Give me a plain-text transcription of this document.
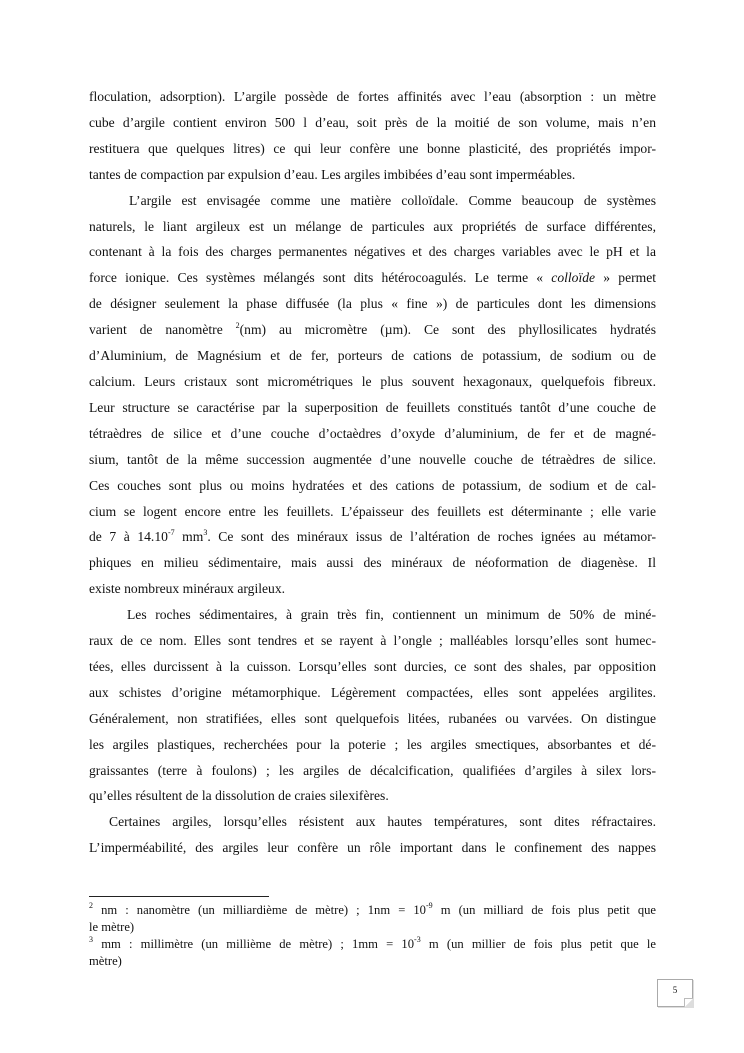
floculation, adsorption). L’argile possède de fortes affinités avec l’eau (absorption : un mètre
cube d’argile contient environ 500 l d’eau, soit près de la moitié de son volume, mais n’en
restituera que quelques litres) ce qui leur confère une bonne plasticité, des propriétés impor-
tantes de compaction par expulsion d’eau. Les argiles imbibées d’eau sont imperméables.

L’argile est envisagée comme une matière colloïdale. Comme beaucoup de systèmes
naturels, le liant argileux est un mélange de particules aux propriétés de surface différentes,
contenant à la fois des charges permanentes négatives et des charges variables avec le pH et la
force ionique. Ces systèmes mélangés sont dits hétérocoagulés. Le terme « colloïde » permet
de désigner seulement la phase diffusée (la plus « fine ») de particules dont les dimensions
varient de nanomètre $^2$(nm) au micromètre (µm). Ce sont des phyllosilicates hydratés
d’Aluminium, de Magnésium et de fer, porteurs de cations de potassium, de sodium ou de
calcium. Leurs cristaux sont micrométriques le plus souvent hexagonaux, quelquefois fibreux.
Leur structure se caractérise par la superposition de feuillets constitués tantôt d’une couche de
tétraèdres de silice et d’une couche d’octaèdres d’oxyde d’aluminium, de fer et de magné-
sium, tantôt de la même succession augmentée d’une nouvelle couche de tétraèdres de silice.
Ces couches sont plus ou moins hydratées et des cations de potassium, de sodium et de cal-
cium se logent encore entre les feuillets. L’épaisseur des feuillets est déterminante ; elle varie
de 7 à $14.10^{-7}$ $mm^3$. Ce sont des minéraux issus de l’altération de roches ignées au métamor-
phiques en milieu sédimentaire, mais aussi des minéraux de néoformation de diagenèse. Il
existe nombreux minéraux argileux.

Les roches sédimentaires, à grain très fin, contiennent un minimum de 50% de miné-
raux de ce nom. Elles sont tendres et se rayent à l’ongle ; malléables lorsqu’elles sont humec-
tées, elles durcissent à la cuisson. Lorsqu’elles sont durcies, ce sont des shales, par opposition
aux schistes d’origine métamorphique. Légèrement compactées, elles sont appelées argilites.
Généralement, non stratifiées, elles sont quelquefois litées, rubanées ou varvées. On distingue
les argiles plastiques, recherchées pour la poterie ; les argiles smectiques, absorbantes et dé-
graissantes (terre à foulons) ; les argiles de décalcification, qualifiées d’argiles à silex lors-
qu’elles résultent de la dissolution de craies silexifères.

Certaines argiles, lorsqu’elles résistent aux hautes températures, sont dites réfractaires.
L’imperméabilité, des argiles leur confère un rôle important dans le confinement des nappes

$^2$ nm : nanomètre (un milliardième de mètre) ; $1nm = 10^{-9}$ m (un milliard de fois plus petit que
le mètre)
$^3$ mm : millimètre (un millième de mètre) ; $1mm = 10^{-3}$ m (un millier de fois plus petit que le
mètre)
5
